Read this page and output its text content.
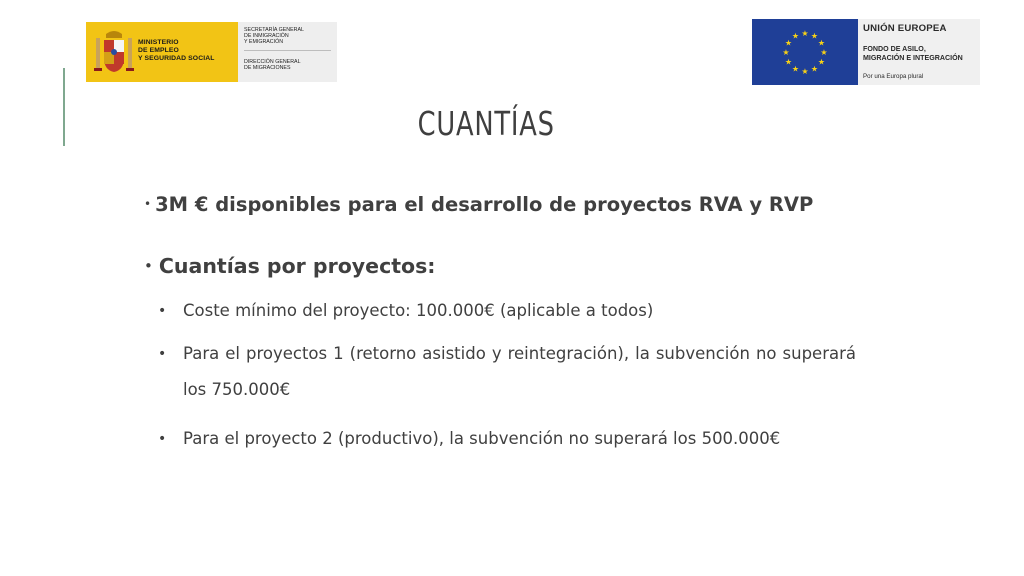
MINISTERIO
DE EMPLEO
Y SEGURIDAD SOCIAL
SECRETARÍA GENERAL
DE INMIGRACIÓN
Y EMIGRACIÓN
DIRECCIÓN GENERAL
DE MIGRACIONES
★ ★
★
★
★
★
★
★
★
★
★
★
UNIÓN EUROPEA
FONDO DE ASILO,
MIGRACIÓN E INTEGRACIÓN
Por una Europa plural
CUANTÍAS
• 3M € disponibles para el desarrollo de proyectos RVA y RVP
• Cuantías por proyectos:
• Coste mínimo del proyecto: 100.000€ (aplicable a todos)
• Para el proyectos 1 (retorno asistido y reintegración), la subvención no superará los 750.000€
• Para el proyecto 2 (productivo), la subvención no superará los 500.000€
